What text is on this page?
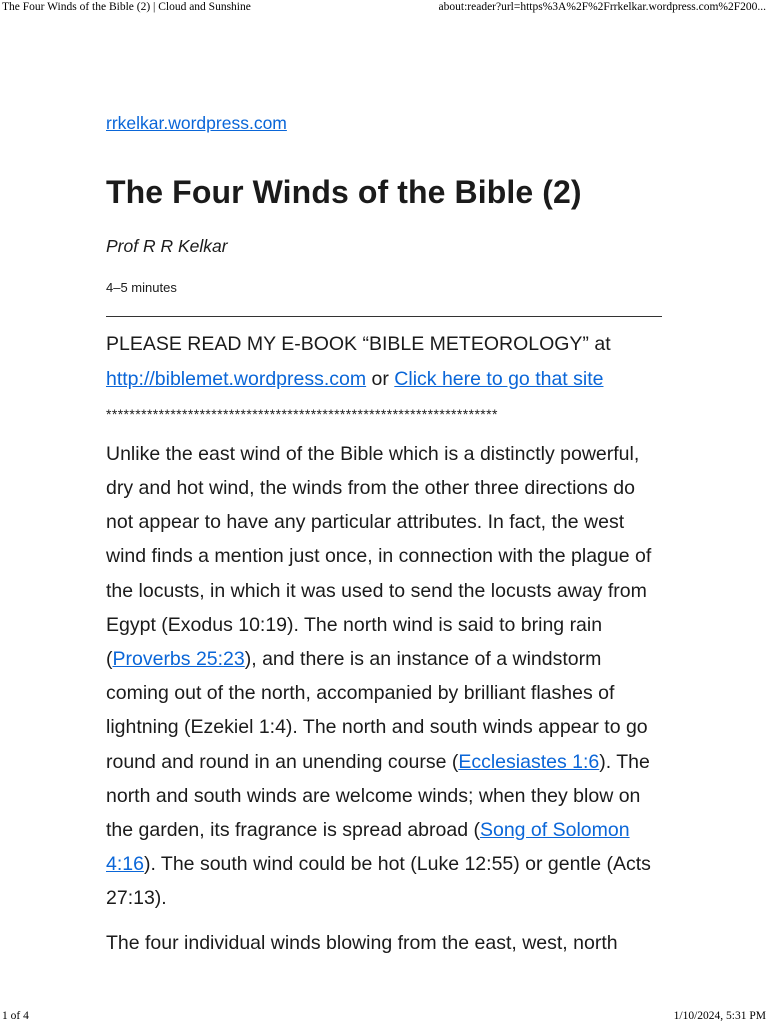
The Four Winds of the Bible (2) | Cloud and Sunshine	about:reader?url=https%3A%2F%2Frrkelkar.wordpress.com%2F200...
rrkelkar.wordpress.com
The Four Winds of the Bible (2)
Prof R R Kelkar
4–5 minutes

PLEASE READ MY E-BOOK “BIBLE METEOROLOGY” at http://biblemet.wordpress.com or Click here to go that site

*******************************************************************

Unlike the east wind of the Bible which is a distinctly powerful, dry and hot wind, the winds from the other three directions do not appear to have any particular attributes. In fact, the west wind finds a mention just once, in connection with the plague of the locusts, in which it was used to send the locusts away from Egypt (Exodus 10:19). The north wind is said to bring rain (Proverbs 25:23), and there is an instance of a windstorm coming out of the north, accompanied by brilliant flashes of lightning (Ezekiel 1:4). The north and south winds appear to go round and round in an unending course (Ecclesiastes 1:6). The north and south winds are welcome winds; when they blow on the garden, its fragrance is spread abroad (Song of Solomon 4:16). The south wind could be hot (Luke 12:55) or gentle (Acts 27:13).

The four individual winds blowing from the east, west, north

1 of 4	1/10/2024, 5:31 PM
